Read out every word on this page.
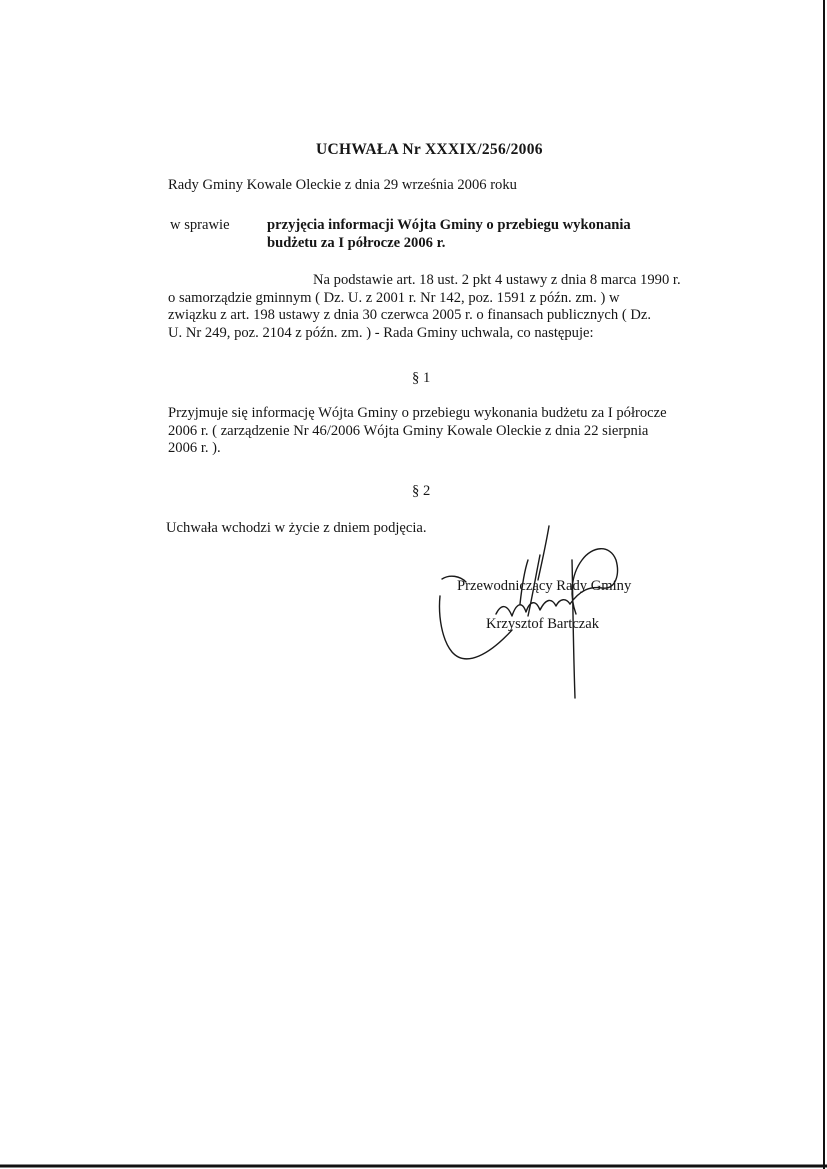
UCHWAŁA Nr XXXIX/256/2006
Rady Gminy Kowale Oleckie z dnia 29 września 2006 roku
w sprawie	przyjęcia informacji Wójta Gminy o przebiegu wykonania
budżetu za I półrocze 2006 r.
Na podstawie art. 18 ust. 2 pkt 4 ustawy z dnia 8 marca 1990 r.
o samorządzie gminnym ( Dz. U. z 2001 r. Nr 142, poz. 1591 z późn. zm. ) w
związku z art. 198 ustawy z dnia 30 czerwca 2005 r. o finansach publicznych ( Dz.
U. Nr 249, poz. 2104 z późn. zm. ) - Rada Gminy uchwala, co następuje:
§ 1
Przyjmuje się informację Wójta Gminy o przebiegu wykonania budżetu za I półrocze
2006 r. ( zarządzenie Nr 46/2006 Wójta Gminy Kowale Oleckie z dnia 22 sierpnia
2006 r. ).
§ 2
Uchwała wchodzi w życie z dniem podjęcia.
Przewodniczący Rady Gminy
Krzysztof Bartczak
